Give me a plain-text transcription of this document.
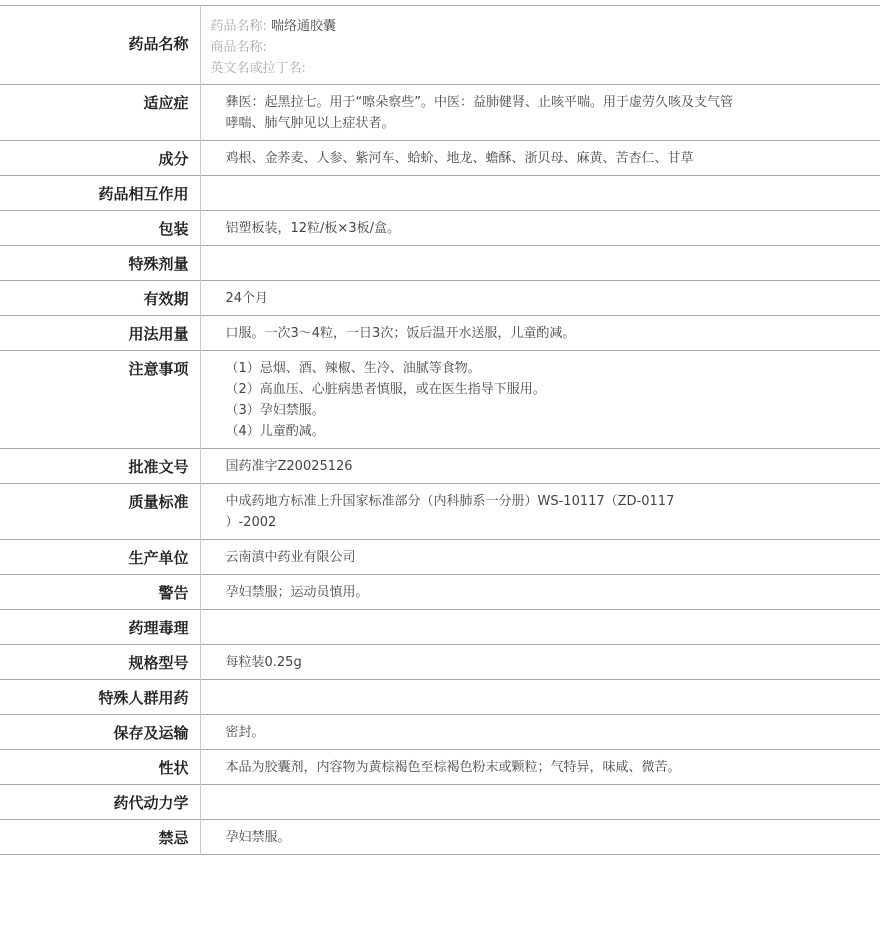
药品名称	药品名称: 喘络通胶囊
商品名称:
英文名或拉丁名:

适应症	彝医：起黑拉七。用于“嚓朵察些”。中医：益肺健肾、止咳平喘。用于虚劳久咳及支气管
哮喘、肺气肿见以上症状者。

成分	鸡根、金荞麦、人参、紫河车、蛤蚧、地龙、蟾酥、浙贝母、麻黄、苦杏仁、甘草
药品相互作用	
包装	铝塑板装，12粒/板×3板/盒。
特殊剂量	
有效期	24个月
用法用量	口服。一次3～4粒，一日3次；饭后温开水送服，儿童酌减。
注意事项	（1）忌烟、酒、辣椒、生冷、油腻等食物。
（2）高血压、心脏病患者慎服，或在医生指导下服用。
（3）孕妇禁服。
（4）儿童酌减。

批准文号	国药准字Z20025126
质量标准	中成药地方标准上升国家标准部分（内科肺系一分册）WS-10117（ZD-0117
）-2002

生产单位	云南滇中药业有限公司
警告	孕妇禁服；运动员慎用。
药理毒理	
规格型号	每粒装0.25g
特殊人群用药	
保存及运输	密封。
性状	本品为胶囊剂，内容物为黄棕褐色至棕褐色粉末或颗粒；气特异，味咸、微苦。
药代动力学	
禁忌	孕妇禁服。
